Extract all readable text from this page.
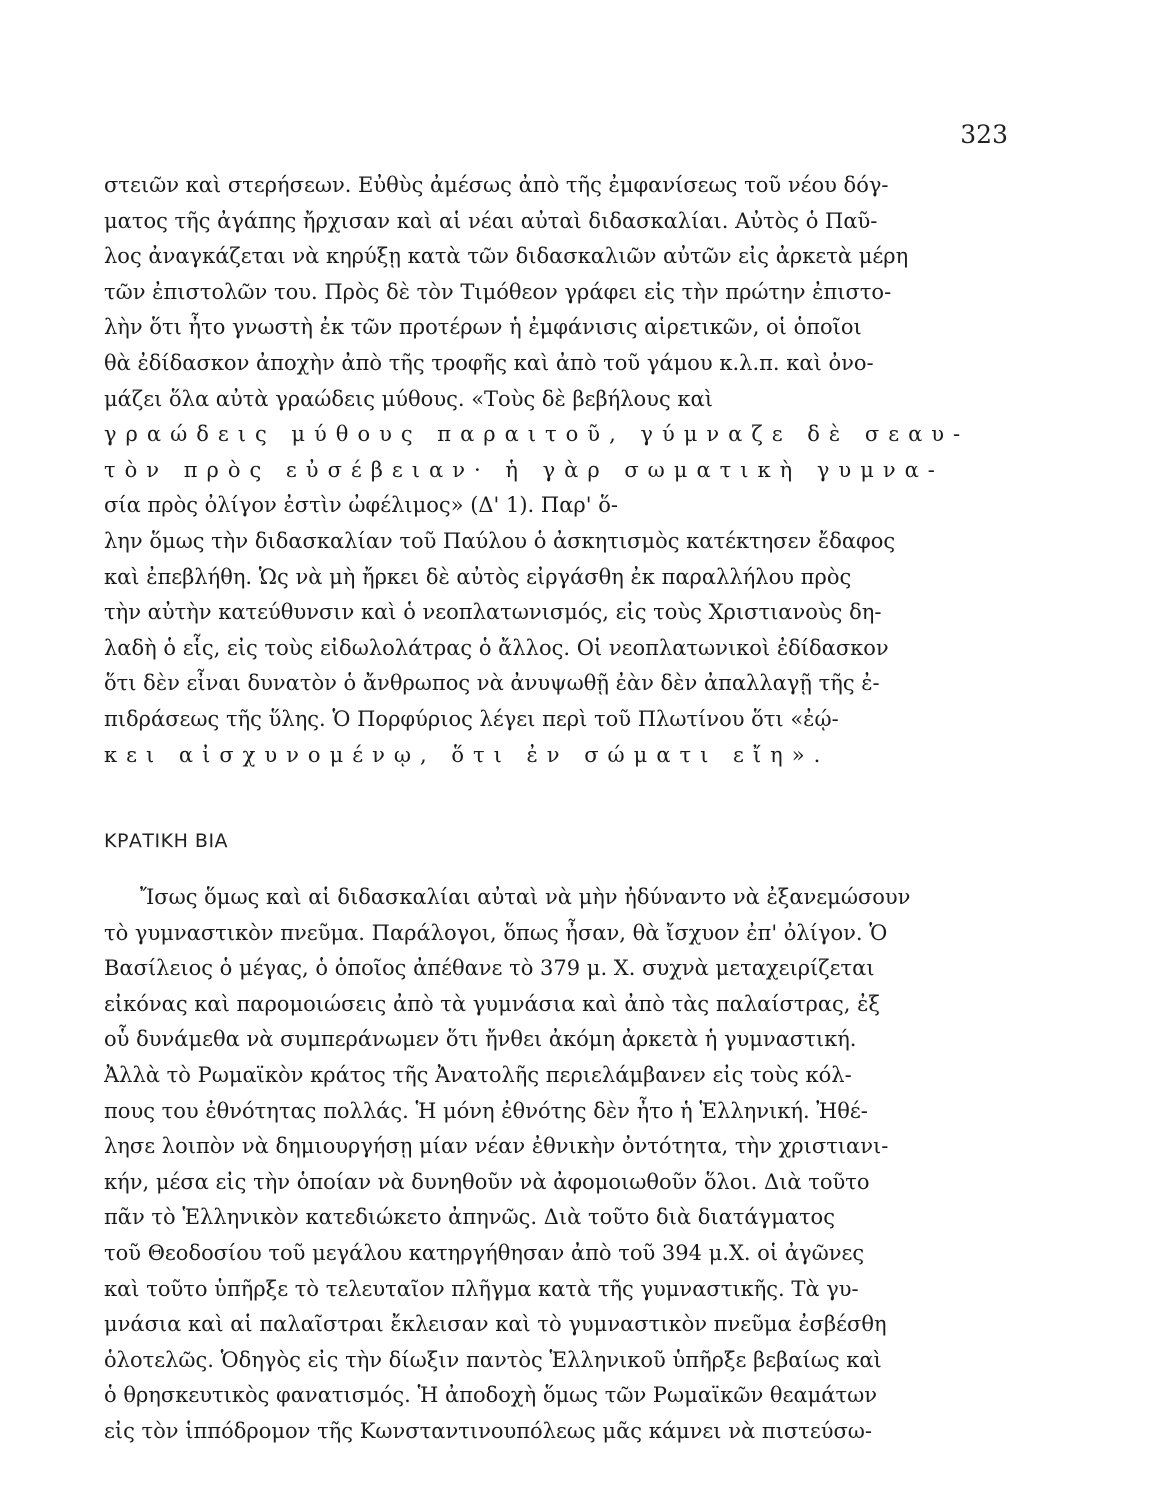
323
στειῶν καὶ στερήσεων. Εὐθὺς ἀμέσως ἀπὸ τῆς ἐμφανίσεως τοῦ νέου δόγ-
ματος τῆς ἀγάπης ἤρχισαν καὶ αἱ νέαι αὐταὶ διδασκαλίαι. Αὐτὸς ὁ Παῦ-
λος ἀναγκάζεται νὰ κηρύξῃ κατὰ τῶν διδασκαλιῶν αὐτῶν εἰς ἀρκετὰ μέρη
τῶν ἐπιστολῶν του. Πρὸς δὲ τὸν Τιμόθεον γράφει εἰς τὴν πρώτην ἐπιστο-
λὴν ὅτι ἦτο γνωστὴ ἐκ τῶν προτέρων ἡ ἐμφάνισις αἱρετικῶν, οἱ ὁποῖοι
θὰ ἐδίδασκον ἀποχὴν ἀπὸ τῆς τροφῆς καὶ ἀπὸ τοῦ γάμου κ.λ.π. καὶ ὀνο-
μάζει ὅλα αὐτὰ γραώδεις μύθους. «Τοὺς δὲ βεβήλους καὶ
γραώδεις μύθους παραιτοῦ, γύμναζε δὲ σεαυ-
τὸν πρὸς εὐσέβειαν· ἡ γὰρ σωματικὴ γυμνα-
σία πρὸς ὀλίγον ἐστὶν ὠφέλιμος» (Δ' 1). Παρ' ὅ-
λην ὅμως τὴν διδασκαλίαν τοῦ Παύλου ὁ ἀσκητισμὸς κατέκτησεν ἔδαφος
καὶ ἐπεβλήθη. Ὡς νὰ μὴ ἤρκει δὲ αὐτὸς εἰργάσθη ἐκ παραλλήλου πρὸς
τὴν αὐτὴν κατεύθυνσιν καὶ ὁ νεοπλατωνισμός, εἰς τοὺς Χριστιανοὺς δη-
λαδὴ ὁ εἷς, εἰς τοὺς εἰδωλολάτρας ὁ ἄλλος. Οἱ νεοπλατωνικοὶ ἐδίδασκον
ὅτι δὲν εἶναι δυνατὸν ὁ ἄνθρωπος νὰ ἀνυψωθῇ ἐὰν δὲν ἀπαλλαγῇ τῆς ἐ-
πιδράσεως τῆς ὕλης. Ὁ Πορφύριος λέγει περὶ τοῦ Πλωτίνου ὅτι «ἐῴ-
κει αἰσχυνομένῳ, ὅτι ἐν σώματι εἴη».
ΚΡΑΤΙΚΗ ΒΙΑ
Ἴσως ὅμως καὶ αἱ διδασκαλίαι αὐταὶ νὰ μὴν ἠδύναντο νὰ ἐξανεμώσουν
τὸ γυμναστικὸν πνεῦμα. Παράλογοι, ὅπως ἦσαν, θὰ ἴσχυον ἐπ' ὀλίγον. Ὁ
Βασίλειος ὁ μέγας, ὁ ὁποῖος ἀπέθανε τὸ 379 μ. Χ. συχνὰ μεταχειρίζεται
εἰκόνας καὶ παρομοιώσεις ἀπὸ τὰ γυμνάσια καὶ ἀπὸ τὰς παλαίστρας, ἐξ
οὗ δυνάμεθα νὰ συμπεράνωμεν ὅτι ἤνθει ἀκόμη ἀρκετὰ ἡ γυμναστική.
Ἀλλὰ τὸ Ρωμαϊκὸν κράτος τῆς Ἀνατολῆς περιελάμβανεν εἰς τοὺς κόλ-
πους του ἐθνότητας πολλάς. Ἡ μόνη ἐθνότης δὲν ἦτο ἡ Ἑλληνική. Ἠθέ-
λησε λοιπὸν νὰ δημιουργήσῃ μίαν νέαν ἐθνικὴν ὀντότητα, τὴν χριστιανι-
κήν, μέσα εἰς τὴν ὁποίαν νὰ δυνηθοῦν νὰ ἀφομοιωθοῦν ὅλοι. Διὰ τοῦτο
πᾶν τὸ Ἑλληνικὸν κατεδιώκετο ἀπηνῶς. Διὰ τοῦτο διὰ διατάγματος
τοῦ Θεοδοσίου τοῦ μεγάλου κατηργήθησαν ἀπὸ τοῦ 394 μ.Χ. οἱ ἀγῶνες
καὶ τοῦτο ὑπῆρξε τὸ τελευταῖον πλῆγμα κατὰ τῆς γυμναστικῆς. Τὰ γυ-
μνάσια καὶ αἱ παλαῖστραι ἔκλεισαν καὶ τὸ γυμναστικὸν πνεῦμα ἐσβέσθη
ὁλοτελῶς. Ὁδηγὸς εἰς τὴν δίωξιν παντὸς Ἑλληνικοῦ ὑπῆρξε βεβαίως καὶ
ὁ θρησκευτικὸς φανατισμός. Ἡ ἀποδοχὴ ὅμως τῶν Ρωμαϊκῶν θεαμάτων
εἰς τὸν ἱππόδρομον τῆς Κωνσταντινουπόλεως μᾶς κάμνει νὰ πιστεύσω-
